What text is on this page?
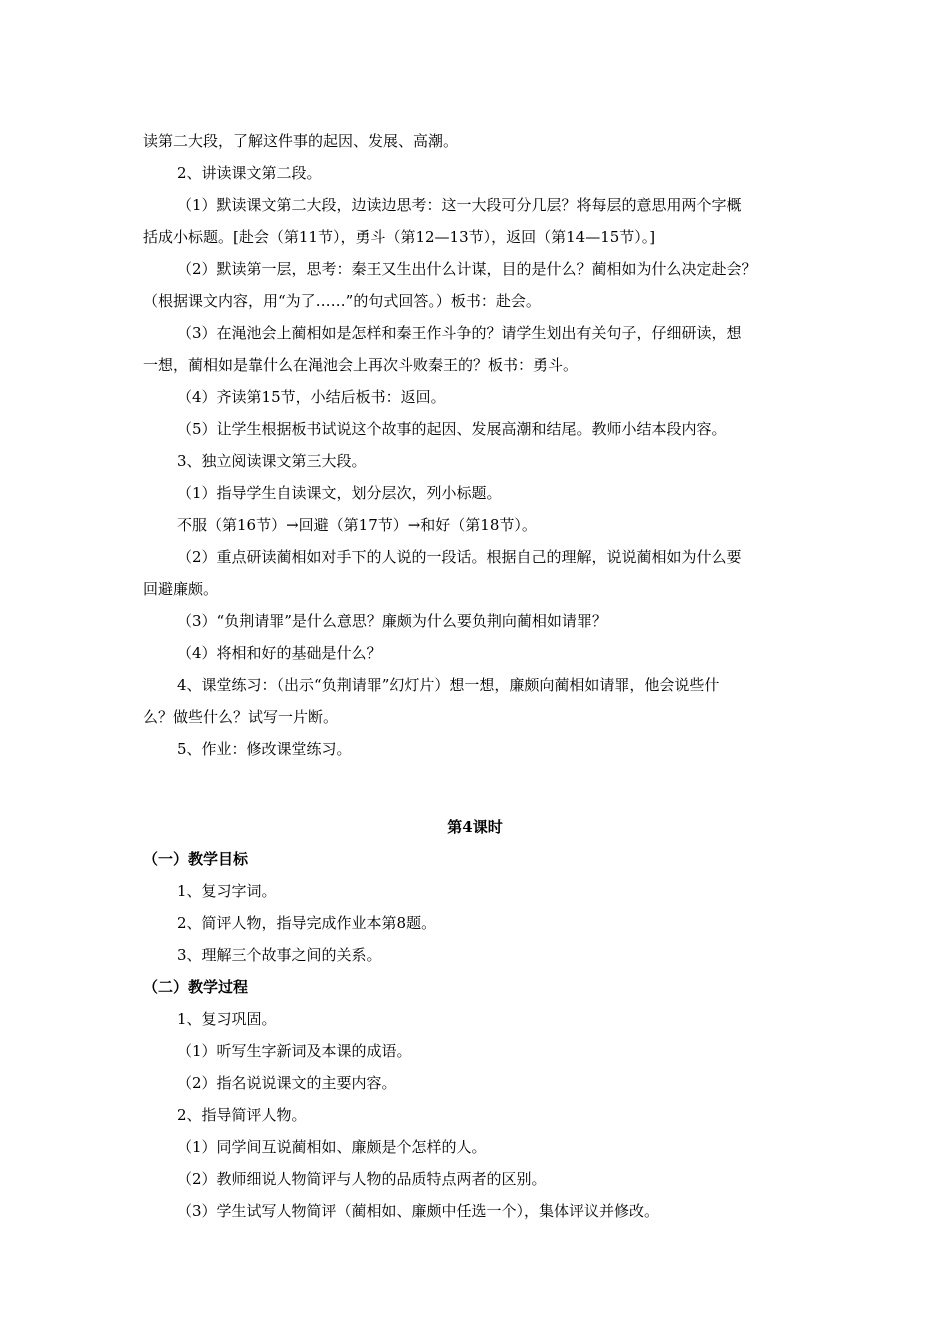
读第二大段，了解这件事的起因、发展、高潮。

2、讲读课文第二段。

（1）默读课文第二大段，边读边思考：这一大段可分几层？将每层的意思用两个字概

括成小标题。[赴会（第11节），勇斗（第12—13节），返回（第14—15节）。]

（2）默读第一层，思考：秦王又生出什么计谋，目的是什么？蔺相如为什么决定赴会？

（根据课文内容，用“为了……”的句式回答。）板书：赴会。

（3）在渑池会上蔺相如是怎样和秦王作斗争的？请学生划出有关句子，仔细研读，想

一想，蔺相如是靠什么在渑池会上再次斗败秦王的？板书：勇斗。

（4）齐读第15节，小结后板书：返回。

（5）让学生根据板书试说这个故事的起因、发展高潮和结尾。教师小结本段内容。

3、独立阅读课文第三大段。

（1）指导学生自读课文，划分层次，列小标题。

不服（第16节）→回避（第17节）→和好（第18节）。

（2）重点研读蔺相如对手下的人说的一段话。根据自己的理解，说说蔺相如为什么要

回避廉颇。

（3）“负荆请罪”是什么意思？廉颇为什么要负荆向蔺相如请罪？

（4）将相和好的基础是什么？

4、课堂练习：（出示“负荆请罪”幻灯片）想一想，廉颇向蔺相如请罪，他会说些什

么？做些什么？试写一片断。

5、作业：修改课堂练习。

第4课时

（一）教学目标

1、复习字词。

2、简评人物，指导完成作业本第8题。

3、理解三个故事之间的关系。

（二）教学过程

1、复习巩固。

（1）听写生字新词及本课的成语。

（2）指名说说课文的主要内容。

2、指导简评人物。

（1）同学间互说蔺相如、廉颇是个怎样的人。

（2）教师细说人物简评与人物的品质特点两者的区别。

（3）学生试写人物简评（蔺相如、廉颇中任选一个），集体评议并修改。
